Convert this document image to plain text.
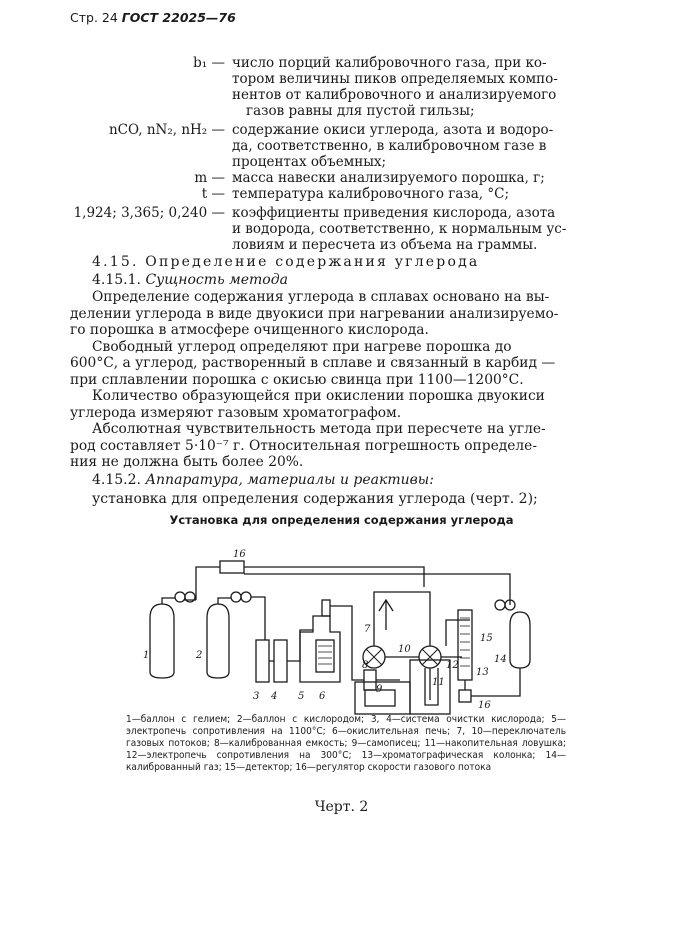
Стр. 24 ГОСТ 22025—76
b₁ — число порций калибровочного газа, при ко-
тором величины пиков определяемых компо-
нентов от калибровочного и анализируемого
газов равны для пустой гильзы;
nCO, nN₂, nH₂ — содержание окиси углерода, азота и водоро-
да, соответственно, в калибровочном газе в
процентах объемных;
m — масса навески анализируемого порошка, г;
t — температура калибровочного газа, °С;
1,924; 3,365; 0,240 — коэффициенты приведения кислорода, азота
и водорода, соответственно, к нормальным ус-
ловиям и пересчета из объема на граммы.
4.15. Определение содержания углерода
4.15.1. Сущность метода

Определение содержания углерода в сплавах основано на вы-

делении углерода в виде двуокиси при нагревании анализируемо-

го порошка в атмосфере очищенного кислорода.

Свободный углерод определяют при нагреве порошка до

600°С, а углерод, растворенный в сплаве и связанный в карбид —

при сплавлении порошка с окисью свинца при 1100—1200°С.

Количество образующейся при окислении порошка двуокиси

углерода измеряют газовым хроматографом.

Абсолютная чувствительность метода при пересчете на угле-

род составляет 5·10⁻⁷ г. Относительная погрешность определе-

ния не должна быть более 20%.

4.15.2. Аппаратура, материалы и реактивы:
установка для определения содержания углерода (черт. 2);
Установка для определения содержания углерода
1	2
3 4 5 6
7
8
9
10
11
12
13
14
15
16
16
1—баллон с гелием; 2—баллон с кислородом; 3, 4—система очистки кислорода; 5—электропечь сопротивления на 1100°С; 6—окислительная печь; 7, 10—переключатель газовых потоков; 8—калиброванная емкость; 9—самописец; 11—накопительная ловушка; 12—электропечь сопротивления на 300°С; 13—хроматографическая колонка; 14—калиброванный газ; 15—детектор; 16—регулятор скорости газового потока
Черт. 2
